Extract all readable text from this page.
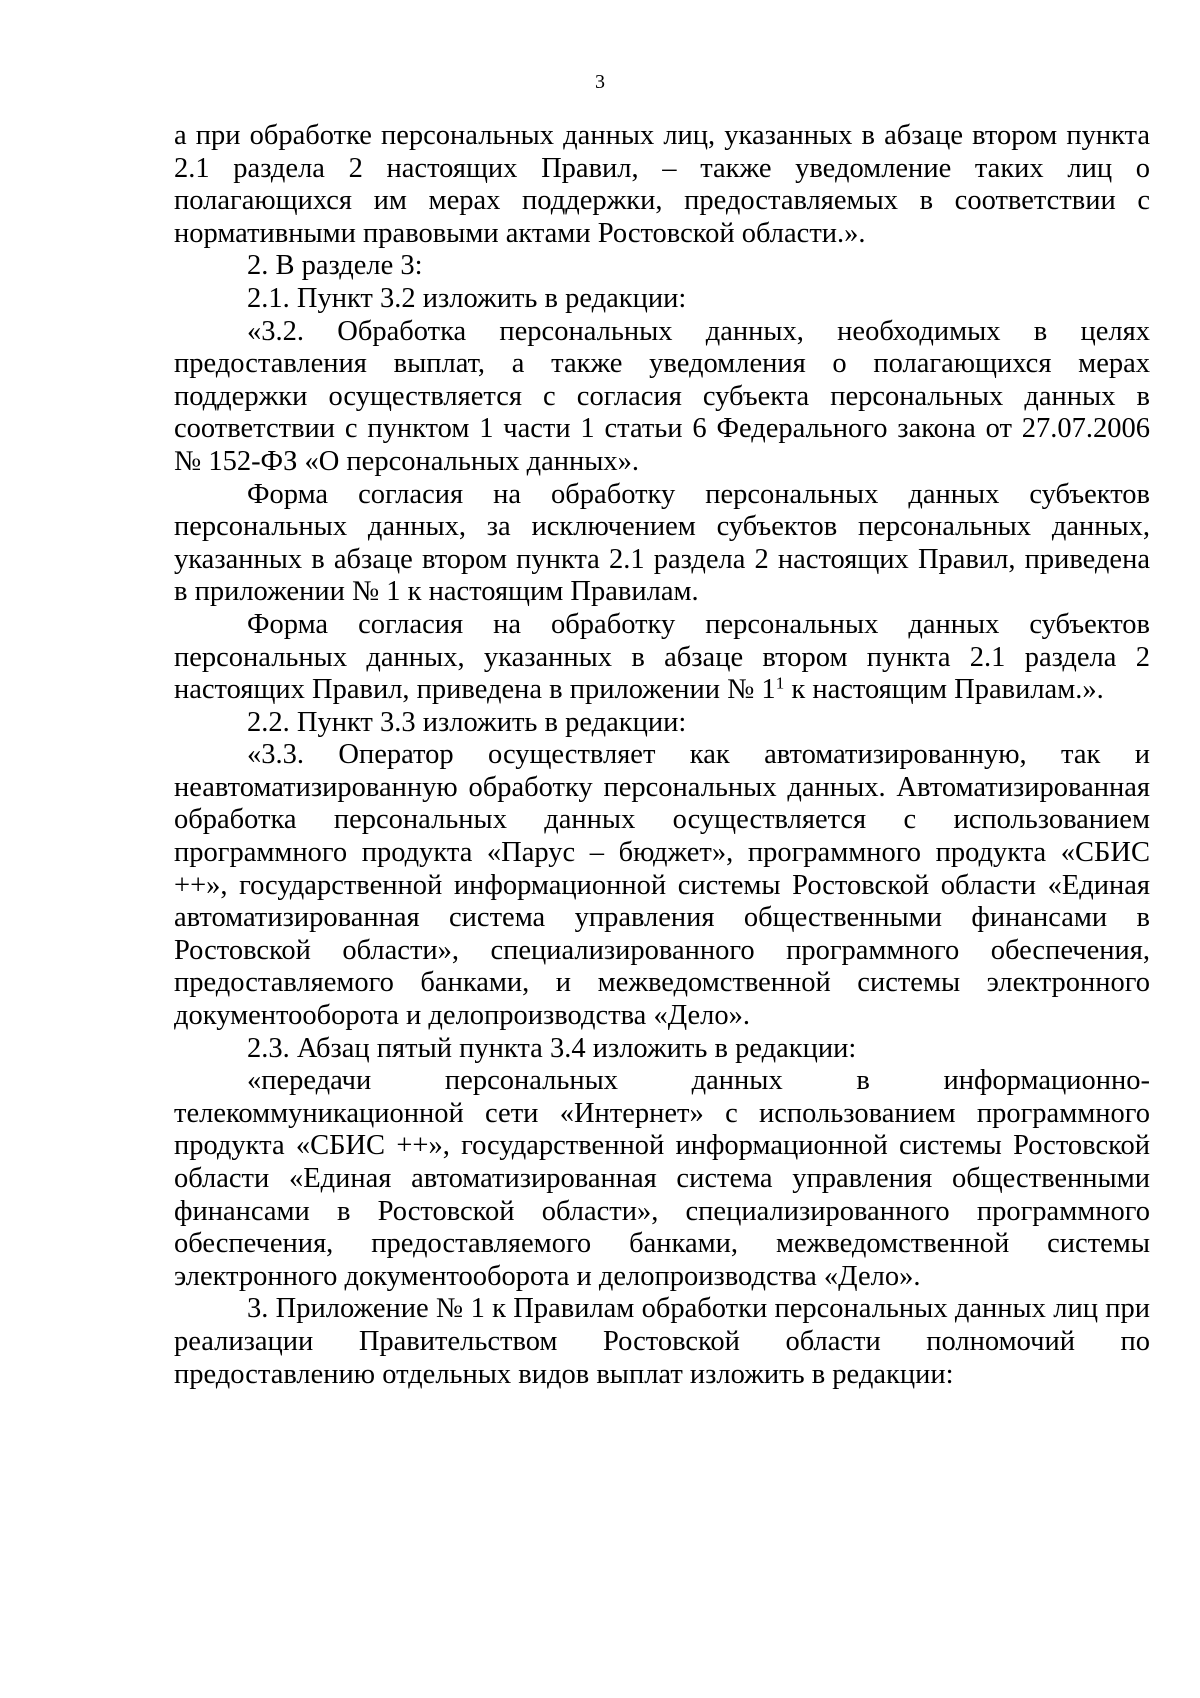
3

а при обработке персональных данных лиц, указанных в абзаце втором пункта 2.1 раздела 2 настоящих Правил, – также уведомление таких лиц о полагающихся им мерах поддержки, предоставляемых в соответствии с нормативными правовыми актами Ростовской области.».

2. В разделе 3:

2.1. Пункт 3.2 изложить в редакции:

«3.2. Обработка персональных данных, необходимых в целях предоставления выплат, а также уведомления о полагающихся мерах поддержки осуществляется с согласия субъекта персональных данных в соответствии с пунктом 1 части 1 статьи 6 Федерального закона от 27.07.2006 № 152-ФЗ «О персональных данных».

Форма согласия на обработку персональных данных субъектов персональных данных, за исключением субъектов персональных данных, указанных в абзаце втором пункта 2.1 раздела 2 настоящих Правил, приведена в приложении № 1 к настоящим Правилам.

Форма согласия на обработку персональных данных субъектов персональных данных, указанных в абзаце втором пункта 2.1 раздела 2 настоящих Правил, приведена в приложении № $1^1$ к настоящим Правилам.».

2.2. Пункт 3.3 изложить в редакции:

«3.3. Оператор осуществляет как автоматизированную, так и неавтоматизированную обработку персональных данных. Автоматизированная обработка персональных данных осуществляется с использованием программного продукта «Парус – бюджет», программного продукта «СБИС ++», государственной информационной системы Ростовской области «Единая автоматизированная система управления общественными финансами в Ростовской области», специализированного программного обеспечения, предоставляемого банками, и межведомственной системы электронного документооборота и делопроизводства «Дело».

2.3. Абзац пятый пункта 3.4 изложить в редакции:

«передачи персональных данных в информационно-телекоммуникационной сети «Интернет» с использованием программного продукта «СБИС ++», государственной информационной системы Ростовской области «Единая автоматизированная система управления общественными финансами в Ростовской области», специализированного программного обеспечения, предоставляемого банками, межведомственной системы электронного документооборота и делопроизводства «Дело».

3. Приложение № 1 к Правилам обработки персональных данных лиц при реализации Правительством Ростовской области полномочий по предоставлению отдельных видов выплат изложить в редакции:
